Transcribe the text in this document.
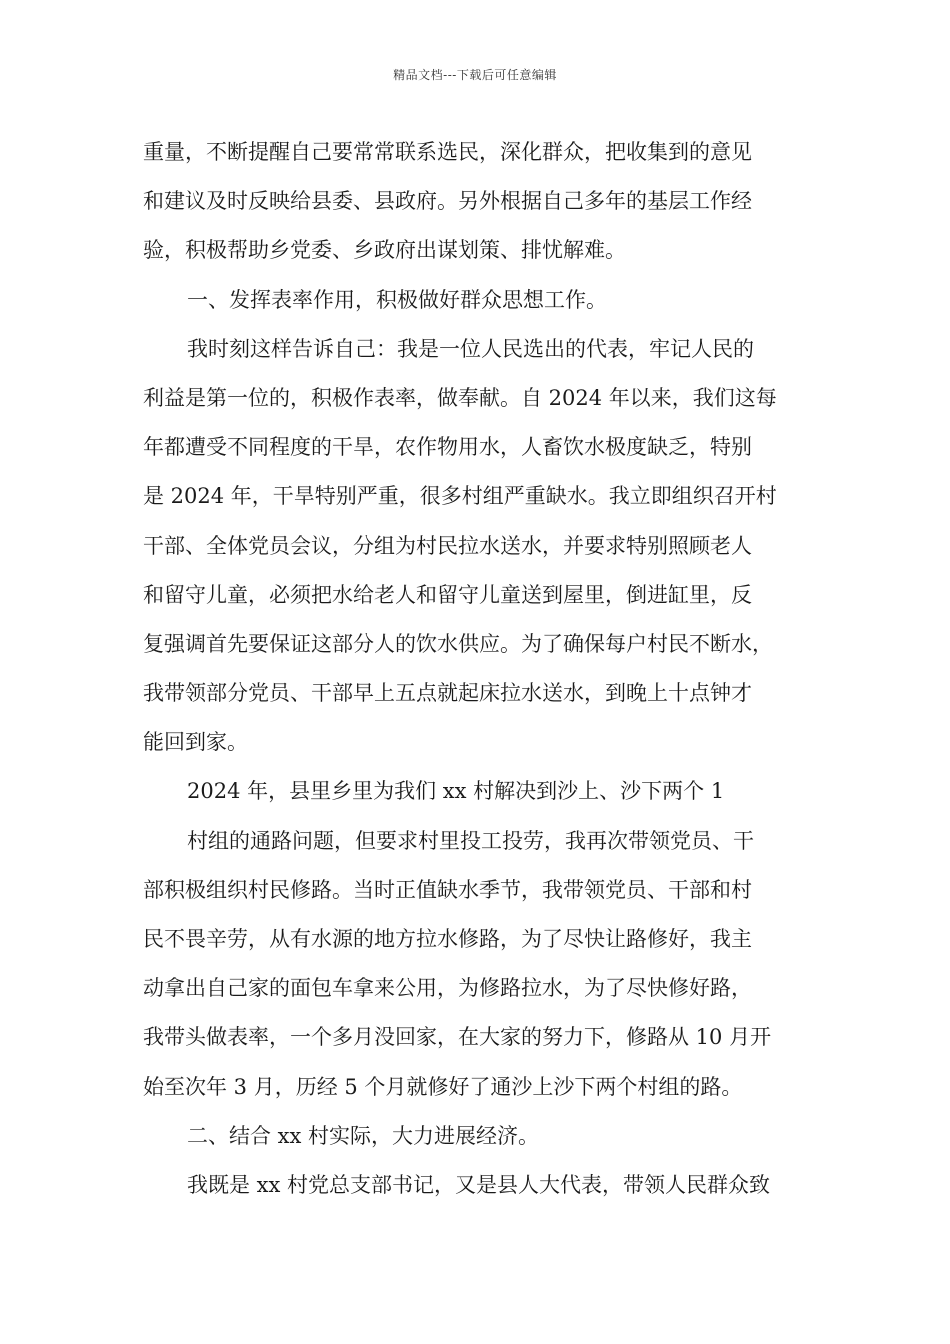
精品文档---下载后可任意编辑
重量，不断提醒自己要常常联系选民，深化群众，把收集到的意见
和建议及时反映给县委、县政府。另外根据自己多年的基层工作经
验，积极帮助乡党委、乡政府出谋划策、排忧解难。
一、发挥表率作用，积极做好群众思想工作。
我时刻这样告诉自己：我是一位人民选出的代表，牢记人民的
利益是第一位的，积极作表率，做奉献。自 2024 年以来，我们这每
年都遭受不同程度的干旱，农作物用水，人畜饮水极度缺乏，特别
是 2024 年，干旱特别严重，很多村组严重缺水。我立即组织召开村
干部、全体党员会议，分组为村民拉水送水，并要求特别照顾老人
和留守儿童，必须把水给老人和留守儿童送到屋里，倒进缸里，反
复强调首先要保证这部分人的饮水供应。为了确保每户村民不断水，
我带领部分党员、干部早上五点就起床拉水送水，到晚上十点钟才
能回到家。
2024 年，县里乡里为我们 xx 村解决到沙上、沙下两个 1
村组的通路问题，但要求村里投工投劳，我再次带领党员、干
部积极组织村民修路。当时正值缺水季节，我带领党员、干部和村
民不畏辛劳，从有水源的地方拉水修路，为了尽快让路修好，我主
动拿出自己家的面包车拿来公用，为修路拉水，为了尽快修好路，
我带头做表率，一个多月没回家，在大家的努力下，修路从 10 月开
始至次年 3 月，历经 5 个月就修好了通沙上沙下两个村组的路。
二、结合 xx 村实际，大力进展经济。
我既是 xx 村党总支部书记，又是县人大代表，带领人民群众致
